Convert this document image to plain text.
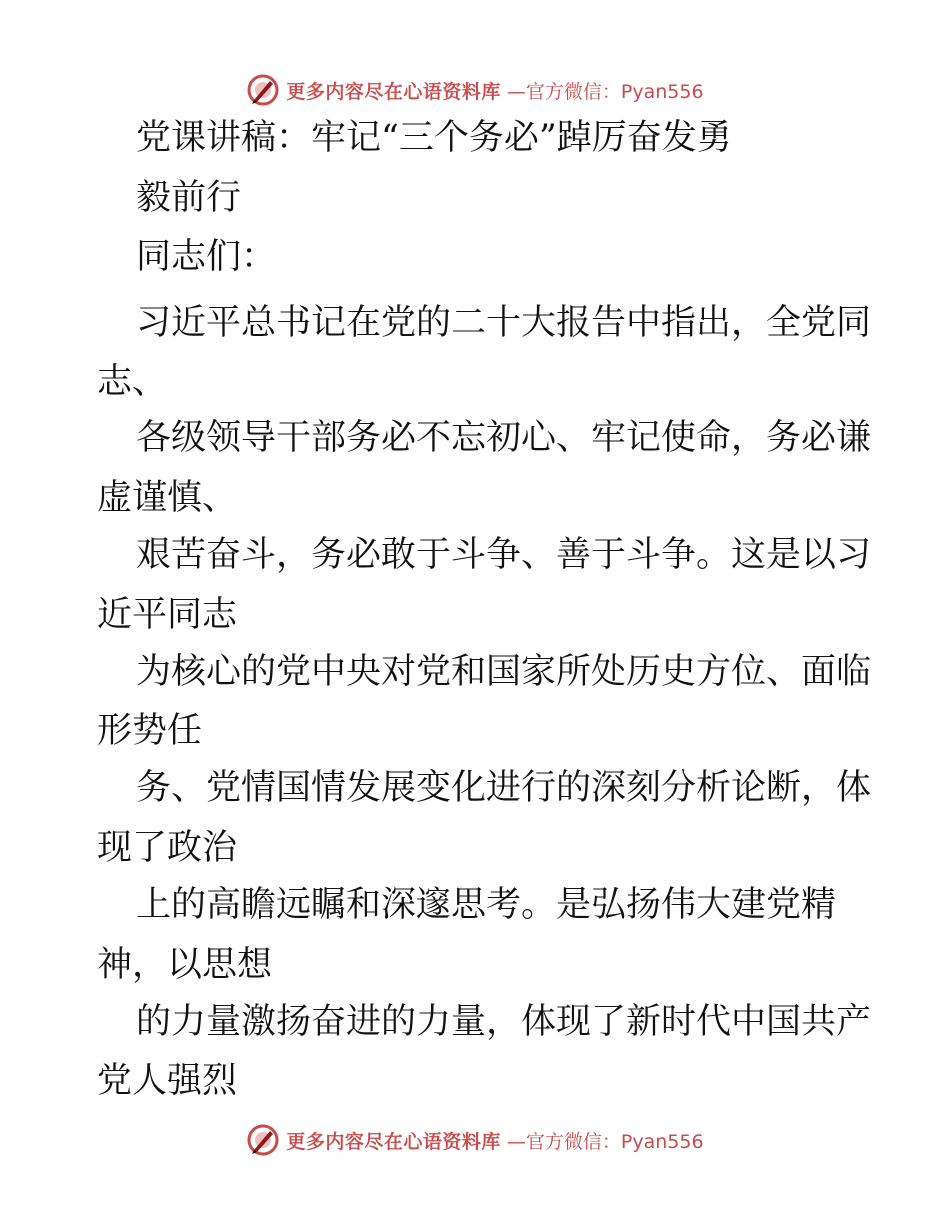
更多内容尽在心语资料库 —官方微信：Pyan556
党课讲稿：牢记“三个务必”踔厉奋发勇
毅前行
同志们：
习近平总书记在党的二十大报告中指出，全党同
志、
各级领导干部务必不忘初心、牢记使命，务必谦
虚谨慎、
艰苦奋斗，务必敢于斗争、善于斗争。这是以习
近平同志
为核心的党中央对党和国家所处历史方位、面临
形势任
务、党情国情发展变化进行的深刻分析论断，体
现了政治
上的高瞻远瞩和深邃思考。是弘扬伟大建党精
神，以思想
的力量激扬奋进的力量，体现了新时代中国共产
党人强烈
更多内容尽在心语资料库 —官方微信：Pyan556
